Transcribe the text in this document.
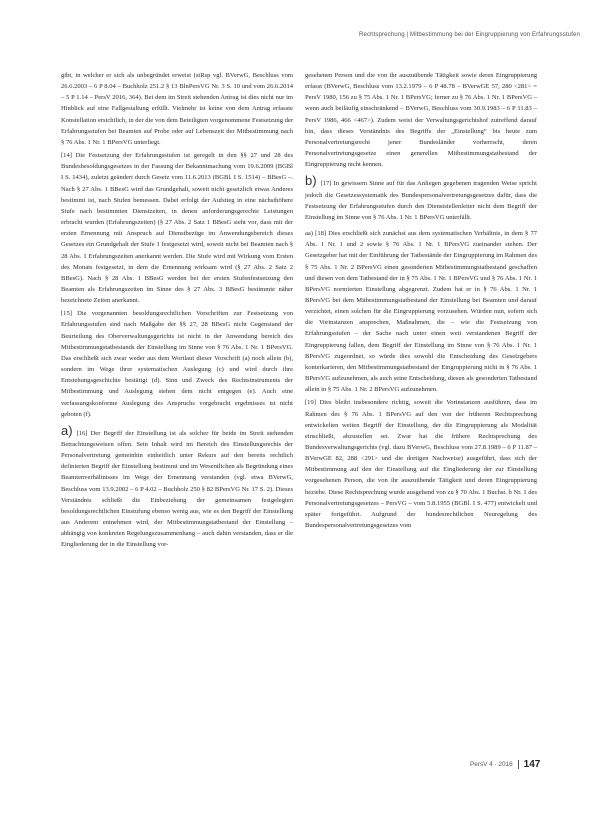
Rechtsprechung | Mitbestimmung bei der Eingruppierung von Erfahrungsstufen

gibt, in welcher er sich als unbegründet erweist (stRsp vgl. BVerwG, Beschluss vom 26.6.2003 – 6 P 8.04 – Buchholz 251.2 § 13 BlnPersVG Nr. 3 S. 10 und vom 26.6.2014 – 5 P 1.14 – PersV 2016, 364). Bei dem im Streit stehenden Antrag ist dies nicht nur im Hinblick auf eine Fallgestaltung erfüllt. Vielmehr ist keine von dem Antrag erfasste Konstellation ersichtlich, in der die von dem Beteiligten vorgenommene Festsetzung der Erfahrungsstufen bei Beamten auf Probe oder auf Lebenszeit der Mitbestimmung nach § 76 Abs. 1 Nr. 1 BPersVG unterliegt.

[14] Die Festsetzung der Erfahrungsstufen ist geregelt in den §§ 27 und 28 des Bundesbesoldungsgesetzes in der Fassung der Bekanntmachung vom 19.6.2009 (BGBl I S. 1434), zuletzt geändert durch Gesetz vom 11.6.2013 (BGBl. I S. 1514) – BBesG –. Nach § 27 Abs. 1 BBesG wird das Grundgehalt, soweit nicht gesetzlich etwas Anderes bestimmt ist, nach Stufen bemessen. Dabei erfolgt der Aufstieg in eine nächsthöhere Stufe nach bestimmten Dienstzeiten, in denen anforderungsgerechte Leistungen erbracht wurden (Erfahrungszeiten) (§ 27 Abs. 2 Satz 1 BBesG sieht vor, dass mit der ersten Ernennung mit Anspruch auf Dienstbezüge im Anwendungsbereich dieses Gesetzes ein Grundgehalt der Stufe 1 festgesetzt wird, soweit nicht bei Beamten nach § 28 Abs. 1 Erfahrungszeiten anerkannt werden. Die Stufe wird mit Wirkung vom Ersten des Monats festgesetzt, in dem die Ernennung wirksam wird (§ 27 Abs. 2 Satz 2 BBesG). Nach § 28 Abs. 1 BBesG werden bei der ersten Stufenfestsetzung den Beamten als Erfahrungszeiten im Sinne des § 27 Abs. 3 BBesG bestimmte näher bezeichnete Zeiten anerkannt.

[15] Die vorgenannten besoldungsrechtlichen Vorschriften zur Festsetzung von Erfahrungsstufen sind nach Maßgabe der §§ 27, 28 BBesG nicht Gegenstand der Beurteilung des Oberverwaltungsgerichts ist nicht in der Anwendung bereich des Mitbestimmungstatbestands der Einstellung im Sinne von § 76 Abs. 1 Nr. 1 BPersVG. Das erschließt sich zwar weder aus dem Wortlaut dieser Vorschrift (a) noch allein (b), sondern im Wege ihrer systematischen Auslegung (c) und wird durch ihre Entstehungsgeschichte bestätigt (d). Sinn und Zweck des Rechtsinstruments der Mitbestimmung und Auslegung stehen dem nicht entgegen (e). Auch eine verfassungskonforme Auslegung des Anspruchs vorgebracht ergebnisses ist nicht geboten (f).

a) [16] Der Begriff der Einstellung ist als solcher für beide im Streit stehenden Betrachtungsweisen offen. Sein Inhalt wird im Bereich des Einstellungsrechts der Personalvertretung gemeinhin einheitlich unter Rekurs auf den bereits rechtlich definierten Begriff der Einstellung bestimmt und im Wesentlichen als Begründung eines Beamtenverhältnisses im Wege der Ernennung verstanden (vgl. etwa BVerwG, Beschluss vom 13.9.2002 – 6 P 4.02 – Buchholz 250 § 82 BPersVG Nr. 17 S. 2). Dieses Verständnis schließt die Einbeziehung der gemeinsamen festgelegten besoldungsrechtlichen Einstufung ebenso wenig aus, wie es den Begriff der Einstellung aus Anderem entnehmen wird, der Mitbestimmungstatbestand der Einstellung – abhängig von konkreten Regelungszusammenhang – auch dahin verstanden, dass er die Eingliederung der in die Einstellung vor-

gesehenen Person und die von ihr auszuübende Tätigkeit sowie deren Eingruppierung erfasst (BVerwG, Beschluss vom 13.2.1979 – 6 P 48.78 – BVerwGE 57, 280 <281> = PersV 1980, 156 zu § 75 Abs. 1 Nr. 1 BPersVG; ferner zu § 76 Abs. 1 Nr. 1 BPersVG – wenn auch beiläufig einschränkend – BVerwG, Beschluss vom 30.9.1983 – 6 P 11.83 – PersV 1986, 466 <467>). Zudem weist der Verwaltungsgerichtshof zutreffend darauf hin, dass dieses Verständnis des Begriffs der „Einstellung“ bis heute zum Personalvertretungsrecht jener Bundesländer vorherrscht, deren Personalvertretungsgesetze einen generellen Mitbestimmungstatbestand der Eingruppierung nicht kennen.

b) [17] In gewissem Sinne auf für das Anliegen gegebenen tragenden Weise spricht jedoch die Gesetzessystematik des Bundespersonalvertretungsgesetzes dafür, dass die Festsetzung der Erfahrungsstufen durch den Dienststellenleiter nicht dem Begriff der Einstellung im Sinne von § 76 Abs. 1 Nr. 1 BPersVG unterfällt.

aa) [18] Dies erschließt sich zunächst aus dem systematischen Verhältnis, in dem § 77 Abs. 1 Nr. 1 und 2 sowie § 76 Abs. 1 Nr. 1 BPersVG zueinander stehen. Der Gesetzgeber hat mit der Einführung der Tatbestände der Eingruppierung im Rahmen des § 75 Abs. 1 Nr. 2 BPersVG einen gesonderten Mitbestimmungstatbestand geschaffen und diesen von dem Tatbestand der in § 75 Abs. 1 Nr. 1 BPersVG und § 76 Abs. 1 Nr. 1 BPersVG normierten Einstellung abgegrenzt. Zudem hat er in § 76 Abs. 1 Nr. 1 BPersVG bei dem Mitbestimmungstatbestand der Einstellung bei Beamten und darauf verzichtet, einen solchen für die Eingruppierung vorzusehen. Würden nun, sofern sich die Vorinstanzen ansprechen, Maßnahmen, die – wie die Festsetzung von Erfahrungsstufen – der Sache nach unter einen weit verstandenen Begriff der Eingruppierung fallen, dem Begriff der Einstellung im Sinne von § 76 Abs. 1 Nr. 1 BPersVG zugeordnet, so würde dies sowohl die Entscheidung des Gesetzgebers konterkarieren, den Mitbestimmungstatbestand der Eingruppierung nicht in § 76 Abs. 1 BPersVG aufzunehmen, als auch seine Entscheidung, diesen als gesonderten Tatbestand allein in § 75 Abs. 1 Nr. 2 BPersVG aufzunehmen.

[19] Dies bleibt insbesondere richtig, soweit die Vorinstanzen ausführen, dass im Rahmen des § 76 Abs. 1 BPersVG auf den von der früheren Rechtsprechung entwickelten weiten Begriff der Einstellung, der die Eingruppierung als Modalität einschließt, abzustellen sei. Zwar hat die frühere Rechtsprechung des Bundesverwaltungsgerichts (vgl. dazu BVerwG, Beschluss vom 27.8.1989 – 6 P 11.87 – BVerwGE 82, 288 <291> und die dortigen Nachweise) ausgeführt, dass sich der Mitbestimmung auf den der Einstellung auf die Eingliederung der zur Einstellung vorgesehenen Person, die von ihr auszuübende Tätigkeit und deren Eingruppierung beziehe. Diese Rechtsprechung wurde ausgehend von zu § 70 Abs. 1 Buchst. b Nr. 1 des Personalvertretungsgesetzes – PersVG – vom 5.8.1955 (BGBl. I S. 477) entwickelt und später fortgeführt. Aufgrund der bundesrechtlichen Neuregelung des Bundespersonalvertretungsgesetzes vom

PersV 4 · 2016 147
